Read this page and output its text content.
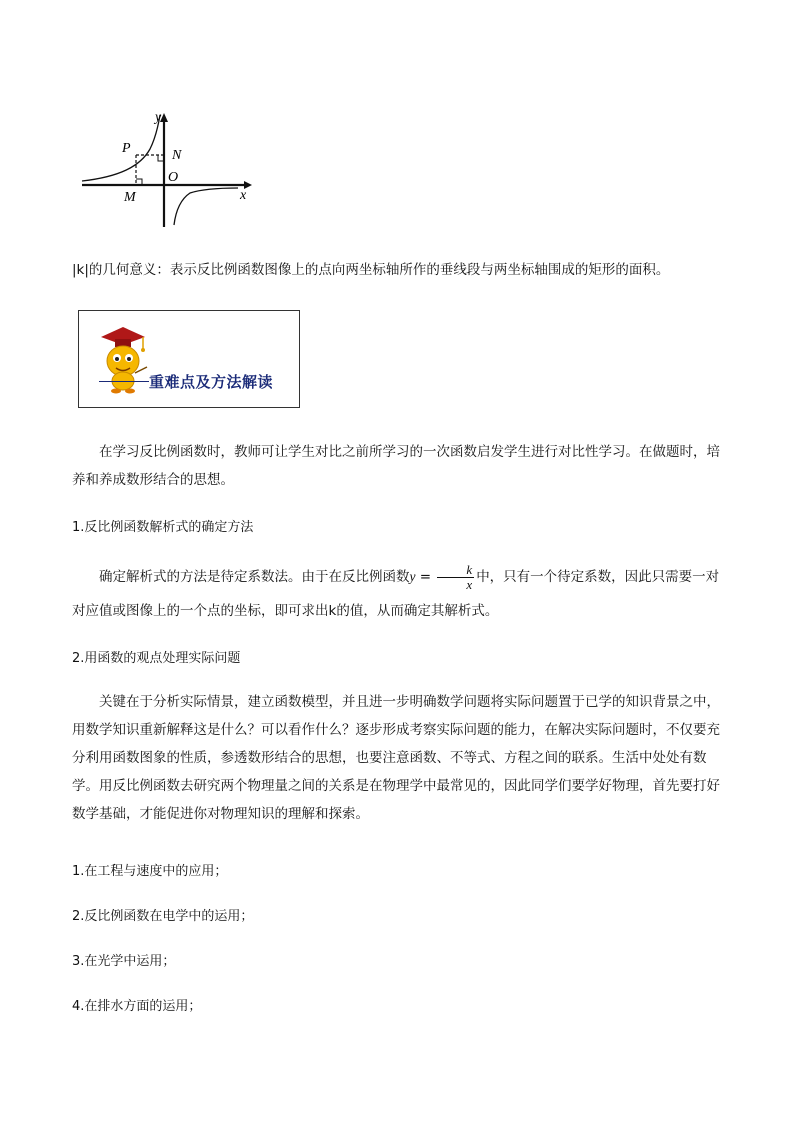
y
x
P	N
O
M

|k|的几何意义：表示反比例函数图像上的点向两坐标轴所作的垂线段与两坐标轴围成的矩形的面积。

重难点及方法解读

在学习反比例函数时，教师可让学生对比之前所学习的一次函数启发学生进行对比性学习。在做题时，培养和养成数形结合的思想。

1.反比例函数解析式的确定方法

确定解析式的方法是待定系数法。由于在反比例函数$y = \frac{k}{x}$ 中，只有一个待定系数，因此只需要一对对应值或图像上的一个点的坐标，即可求出k的值，从而确定其解析式。

2.用函数的观点处理实际问题

关键在于分析实际情景，建立函数模型，并且进一步明确数学问题将实际问题置于已学的知识背景之中，用数学知识重新解释这是什么？可以看作什么？逐步形成考察实际问题的能力，在解决实际问题时，不仅要充分利用函数图象的性质，参透数形结合的思想，也要注意函数、不等式、方程之间的联系。生活中处处有数学。用反比例函数去研究两个物理量之间的关系是在物理学中最常见的，因此同学们要学好物理，首先要打好数学基础，才能促进你对物理知识的理解和探索。

1.在工程与速度中的应用；

2.反比例函数在电学中的运用；

3.在光学中运用；

4.在排水方面的运用；
